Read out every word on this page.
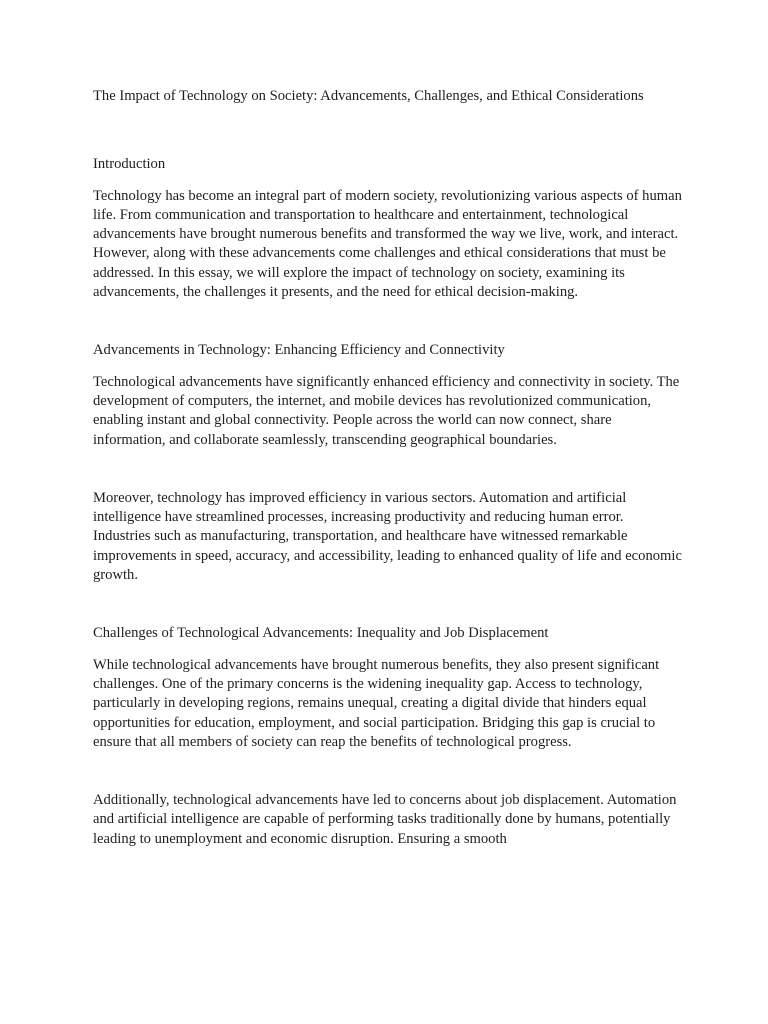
The Impact of Technology on Society: Advancements, Challenges, and Ethical Considerations
Introduction

Technology has become an integral part of modern society, revolutionizing various aspects of human life. From communication and transportation to healthcare and entertainment, technological advancements have brought numerous benefits and transformed the way we live, work, and interact. However, along with these advancements come challenges and ethical considerations that must be addressed. In this essay, we will explore the impact of technology on society, examining its advancements, the challenges it presents, and the need for ethical decision-making.

Advancements in Technology: Enhancing Efficiency and Connectivity

Technological advancements have significantly enhanced efficiency and connectivity in society. The development of computers, the internet, and mobile devices has revolutionized communication, enabling instant and global connectivity. People across the world can now connect, share information, and collaborate seamlessly, transcending geographical boundaries.

Moreover, technology has improved efficiency in various sectors. Automation and artificial intelligence have streamlined processes, increasing productivity and reducing human error. Industries such as manufacturing, transportation, and healthcare have witnessed remarkable improvements in speed, accuracy, and accessibility, leading to enhanced quality of life and economic growth.

Challenges of Technological Advancements: Inequality and Job Displacement

While technological advancements have brought numerous benefits, they also present significant challenges. One of the primary concerns is the widening inequality gap. Access to technology, particularly in developing regions, remains unequal, creating a digital divide that hinders equal opportunities for education, employment, and social participation. Bridging this gap is crucial to ensure that all members of society can reap the benefits of technological progress.

Additionally, technological advancements have led to concerns about job displacement. Automation and artificial intelligence are capable of performing tasks traditionally done by humans, potentially leading to unemployment and economic disruption. Ensuring a smooth
